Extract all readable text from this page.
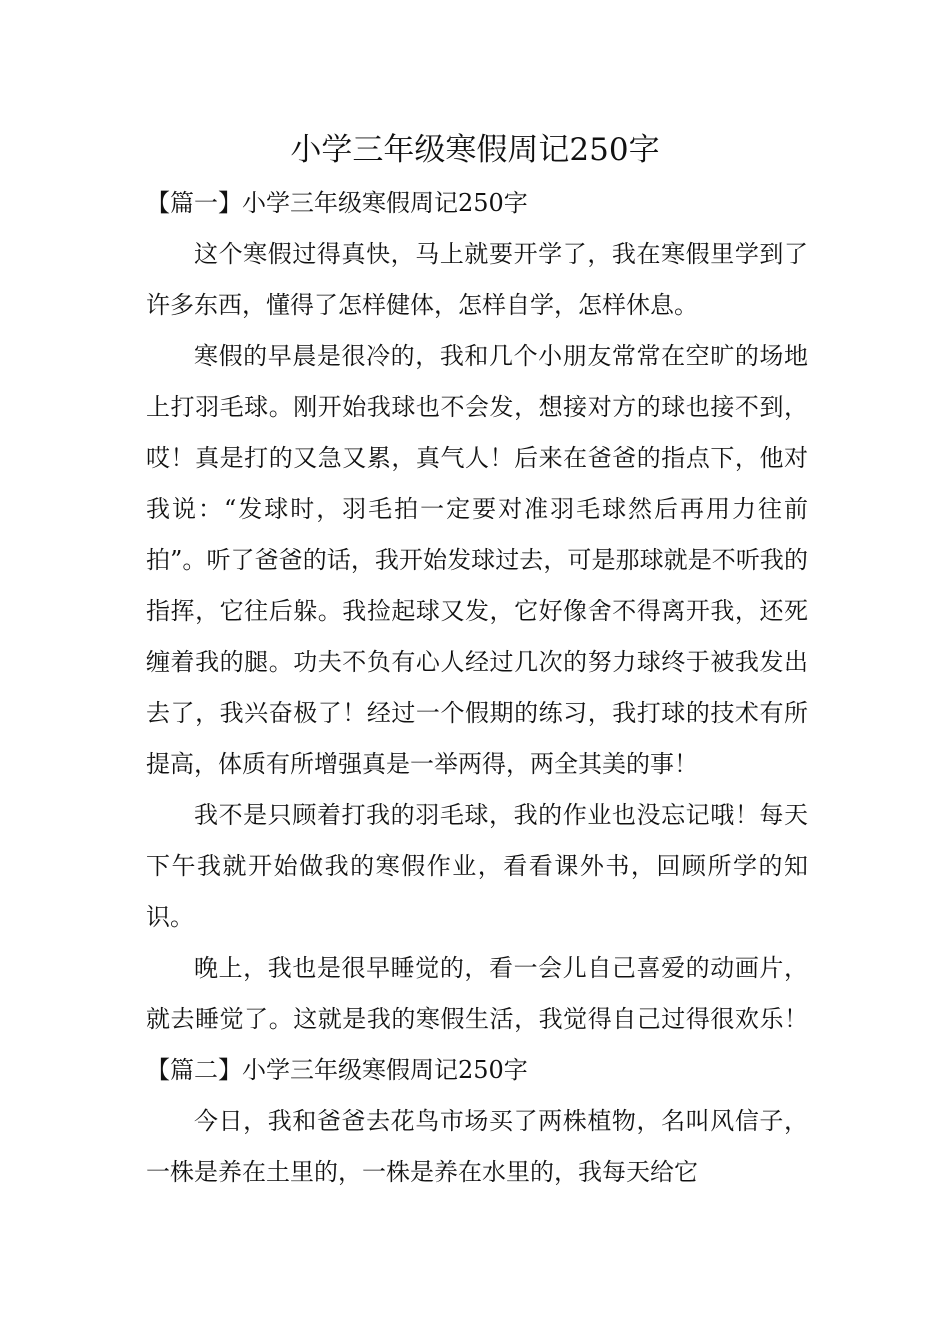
小学三年级寒假周记250字

【篇一】小学三年级寒假周记250字

这个寒假过得真快，马上就要开学了，我在寒假里学到了许多东西，懂得了怎样健体，怎样自学，怎样休息。

寒假的早晨是很冷的，我和几个小朋友常常在空旷的场地上打羽毛球。刚开始我球也不会发，想接对方的球也接不到，哎！真是打的又急又累，真气人！后来在爸爸的指点下，他对我说：“发球时，羽毛拍一定要对准羽毛球然后再用力往前拍”。听了爸爸的话，我开始发球过去，可是那球就是不听我的指挥，它往后躲。我捡起球又发，它好像舍不得离开我，还死缠着我的腿。功夫不负有心人经过几次的努力球终于被我发出去了，我兴奋极了！经过一个假期的练习，我打球的技术有所提高，体质有所增强真是一举两得，两全其美的事！

我不是只顾着打我的羽毛球，我的作业也没忘记哦！每天下午我就开始做我的寒假作业，看看课外书，回顾所学的知识。

晚上，我也是很早睡觉的，看一会儿自己喜爱的动画片，就去睡觉了。这就是我的寒假生活，我觉得自己过得很欢乐！【篇二】小学三年级寒假周记250字

今日，我和爸爸去花鸟市场买了两株植物，名叫风信子，一株是养在土里的，一株是养在水里的，我每天给它
